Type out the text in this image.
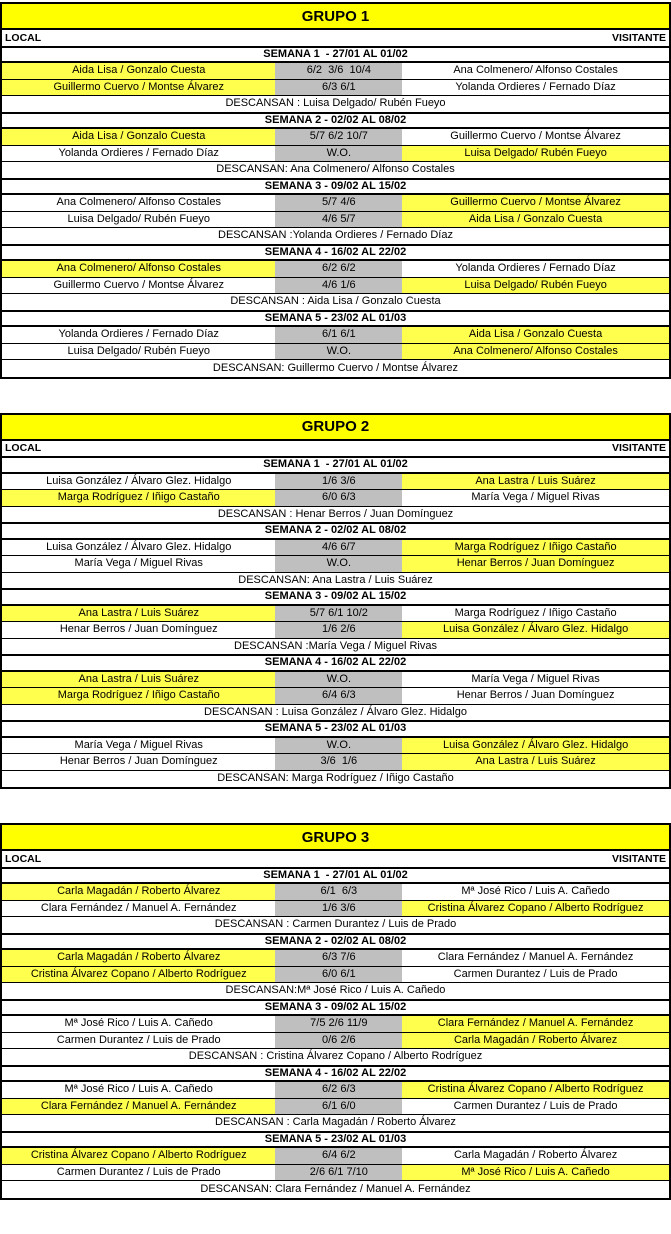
GRUPO 1
LOCAL	VISITANTE
SEMANA 1  - 27/01 AL 01/02
Aida Lisa / Gonzalo Cuesta	6/2  3/6  10/4	Ana Colmenero/ Alfonso Costales
Guillermo Cuervo / Montse Álvarez	6/3 6/1	Yolanda Ordieres / Fernado Díaz
DESCANSAN : Luisa Delgado/ Rubén Fueyo
SEMANA 2 - 02/02 AL 08/02
Aida Lisa / Gonzalo Cuesta	5/7 6/2 10/7	Guillermo Cuervo / Montse Álvarez
Yolanda Ordieres / Fernado Díaz	W.O.	Luisa Delgado/ Rubén Fueyo
DESCANSAN: Ana Colmenero/ Alfonso Costales
SEMANA 3 - 09/02 AL 15/02
Ana Colmenero/ Alfonso Costales	5/7 4/6	Guillermo Cuervo / Montse Álvarez
Luisa Delgado/ Rubén Fueyo	4/6 5/7	Aida Lisa / Gonzalo Cuesta
DESCANSAN :Yolanda Ordieres / Fernado Díaz
SEMANA 4 - 16/02 AL 22/02
Ana Colmenero/ Alfonso Costales	6/2 6/2	Yolanda Ordieres / Fernado Díaz
Guillermo Cuervo / Montse Álvarez	4/6 1/6	Luisa Delgado/ Rubén Fueyo
DESCANSAN : Aida Lisa / Gonzalo Cuesta
SEMANA 5 - 23/02 AL 01/03
Yolanda Ordieres / Fernado Díaz	6/1 6/1	Aida Lisa / Gonzalo Cuesta
Luisa Delgado/ Rubén Fueyo	W.O.	Ana Colmenero/ Alfonso Costales
DESCANSAN: Guillermo Cuervo / Montse Álvarez
GRUPO 2
LOCAL	VISITANTE
SEMANA 1  - 27/01 AL 01/02
Luisa González / Álvaro Glez. Hidalgo	1/6 3/6	Ana Lastra / Luis Suárez
Marga Rodríguez / Iñigo Castaño	6/0 6/3	María Vega / Miguel Rivas
DESCANSAN : Henar Berros / Juan Domínguez
SEMANA 2 - 02/02 AL 08/02
Luisa González / Álvaro Glez. Hidalgo	4/6 6/7	Marga Rodríguez / Iñigo Castaño
María Vega / Miguel Rivas	W.O.	Henar Berros / Juan Domínguez
DESCANSAN: Ana Lastra / Luis Suárez
SEMANA 3 - 09/02 AL 15/02
Ana Lastra / Luis Suárez	5/7 6/1 10/2	Marga Rodríguez / Iñigo Castaño
Henar Berros / Juan Domínguez	1/6 2/6	Luisa González / Álvaro Glez. Hidalgo
DESCANSAN :María Vega / Miguel Rivas
SEMANA 4 - 16/02 AL 22/02
Ana Lastra / Luis Suárez	W.O.	María Vega / Miguel Rivas
Marga Rodríguez / Iñigo Castaño	6/4 6/3	Henar Berros / Juan Domínguez
DESCANSAN : Luisa González / Álvaro Glez. Hidalgo
SEMANA 5 - 23/02 AL 01/03
María Vega / Miguel Rivas	W.O.	Luisa González / Álvaro Glez. Hidalgo
Henar Berros / Juan Domínguez	3/6  1/6	Ana Lastra / Luis Suárez
DESCANSAN: Marga Rodríguez / Iñigo Castaño
GRUPO 3
LOCAL	VISITANTE
SEMANA 1  - 27/01 AL 01/02
Carla Magadán / Roberto Álvarez	6/1  6/3	Mª José Rico / Luis A. Cañedo
Clara Fernández / Manuel A. Fernández	1/6 3/6	Cristina Álvarez Copano / Alberto Rodríguez
DESCANSAN : Carmen Durantez / Luis de Prado
SEMANA 2 - 02/02 AL 08/02
Carla Magadán / Roberto Álvarez	6/3 7/6	Clara Fernández / Manuel A. Fernández
Cristina Álvarez Copano / Alberto Rodríguez	6/0 6/1	Carmen Durantez / Luis de Prado
DESCANSAN:Mª José Rico / Luis A. Cañedo
SEMANA 3 - 09/02 AL 15/02
Mª José Rico / Luis A. Cañedo	7/5 2/6 11/9	Clara Fernández / Manuel A. Fernández
Carmen Durantez / Luis de Prado	0/6 2/6	Carla Magadán / Roberto Álvarez
DESCANSAN : Cristina Álvarez Copano / Alberto Rodríguez
SEMANA 4 - 16/02 AL 22/02
Mª José Rico / Luis A. Cañedo	6/2 6/3	Cristina Álvarez Copano / Alberto Rodríguez
Clara Fernández / Manuel A. Fernández	6/1 6/0	Carmen Durantez / Luis de Prado
DESCANSAN : Carla Magadán / Roberto Álvarez
SEMANA 5 - 23/02 AL 01/03
Cristina Álvarez Copano / Alberto Rodríguez	6/4 6/2	Carla Magadán / Roberto Álvarez
Carmen Durantez / Luis de Prado	2/6 6/1 7/10	Mª José Rico / Luis A. Cañedo
DESCANSAN: Clara Fernández / Manuel A. Fernández
